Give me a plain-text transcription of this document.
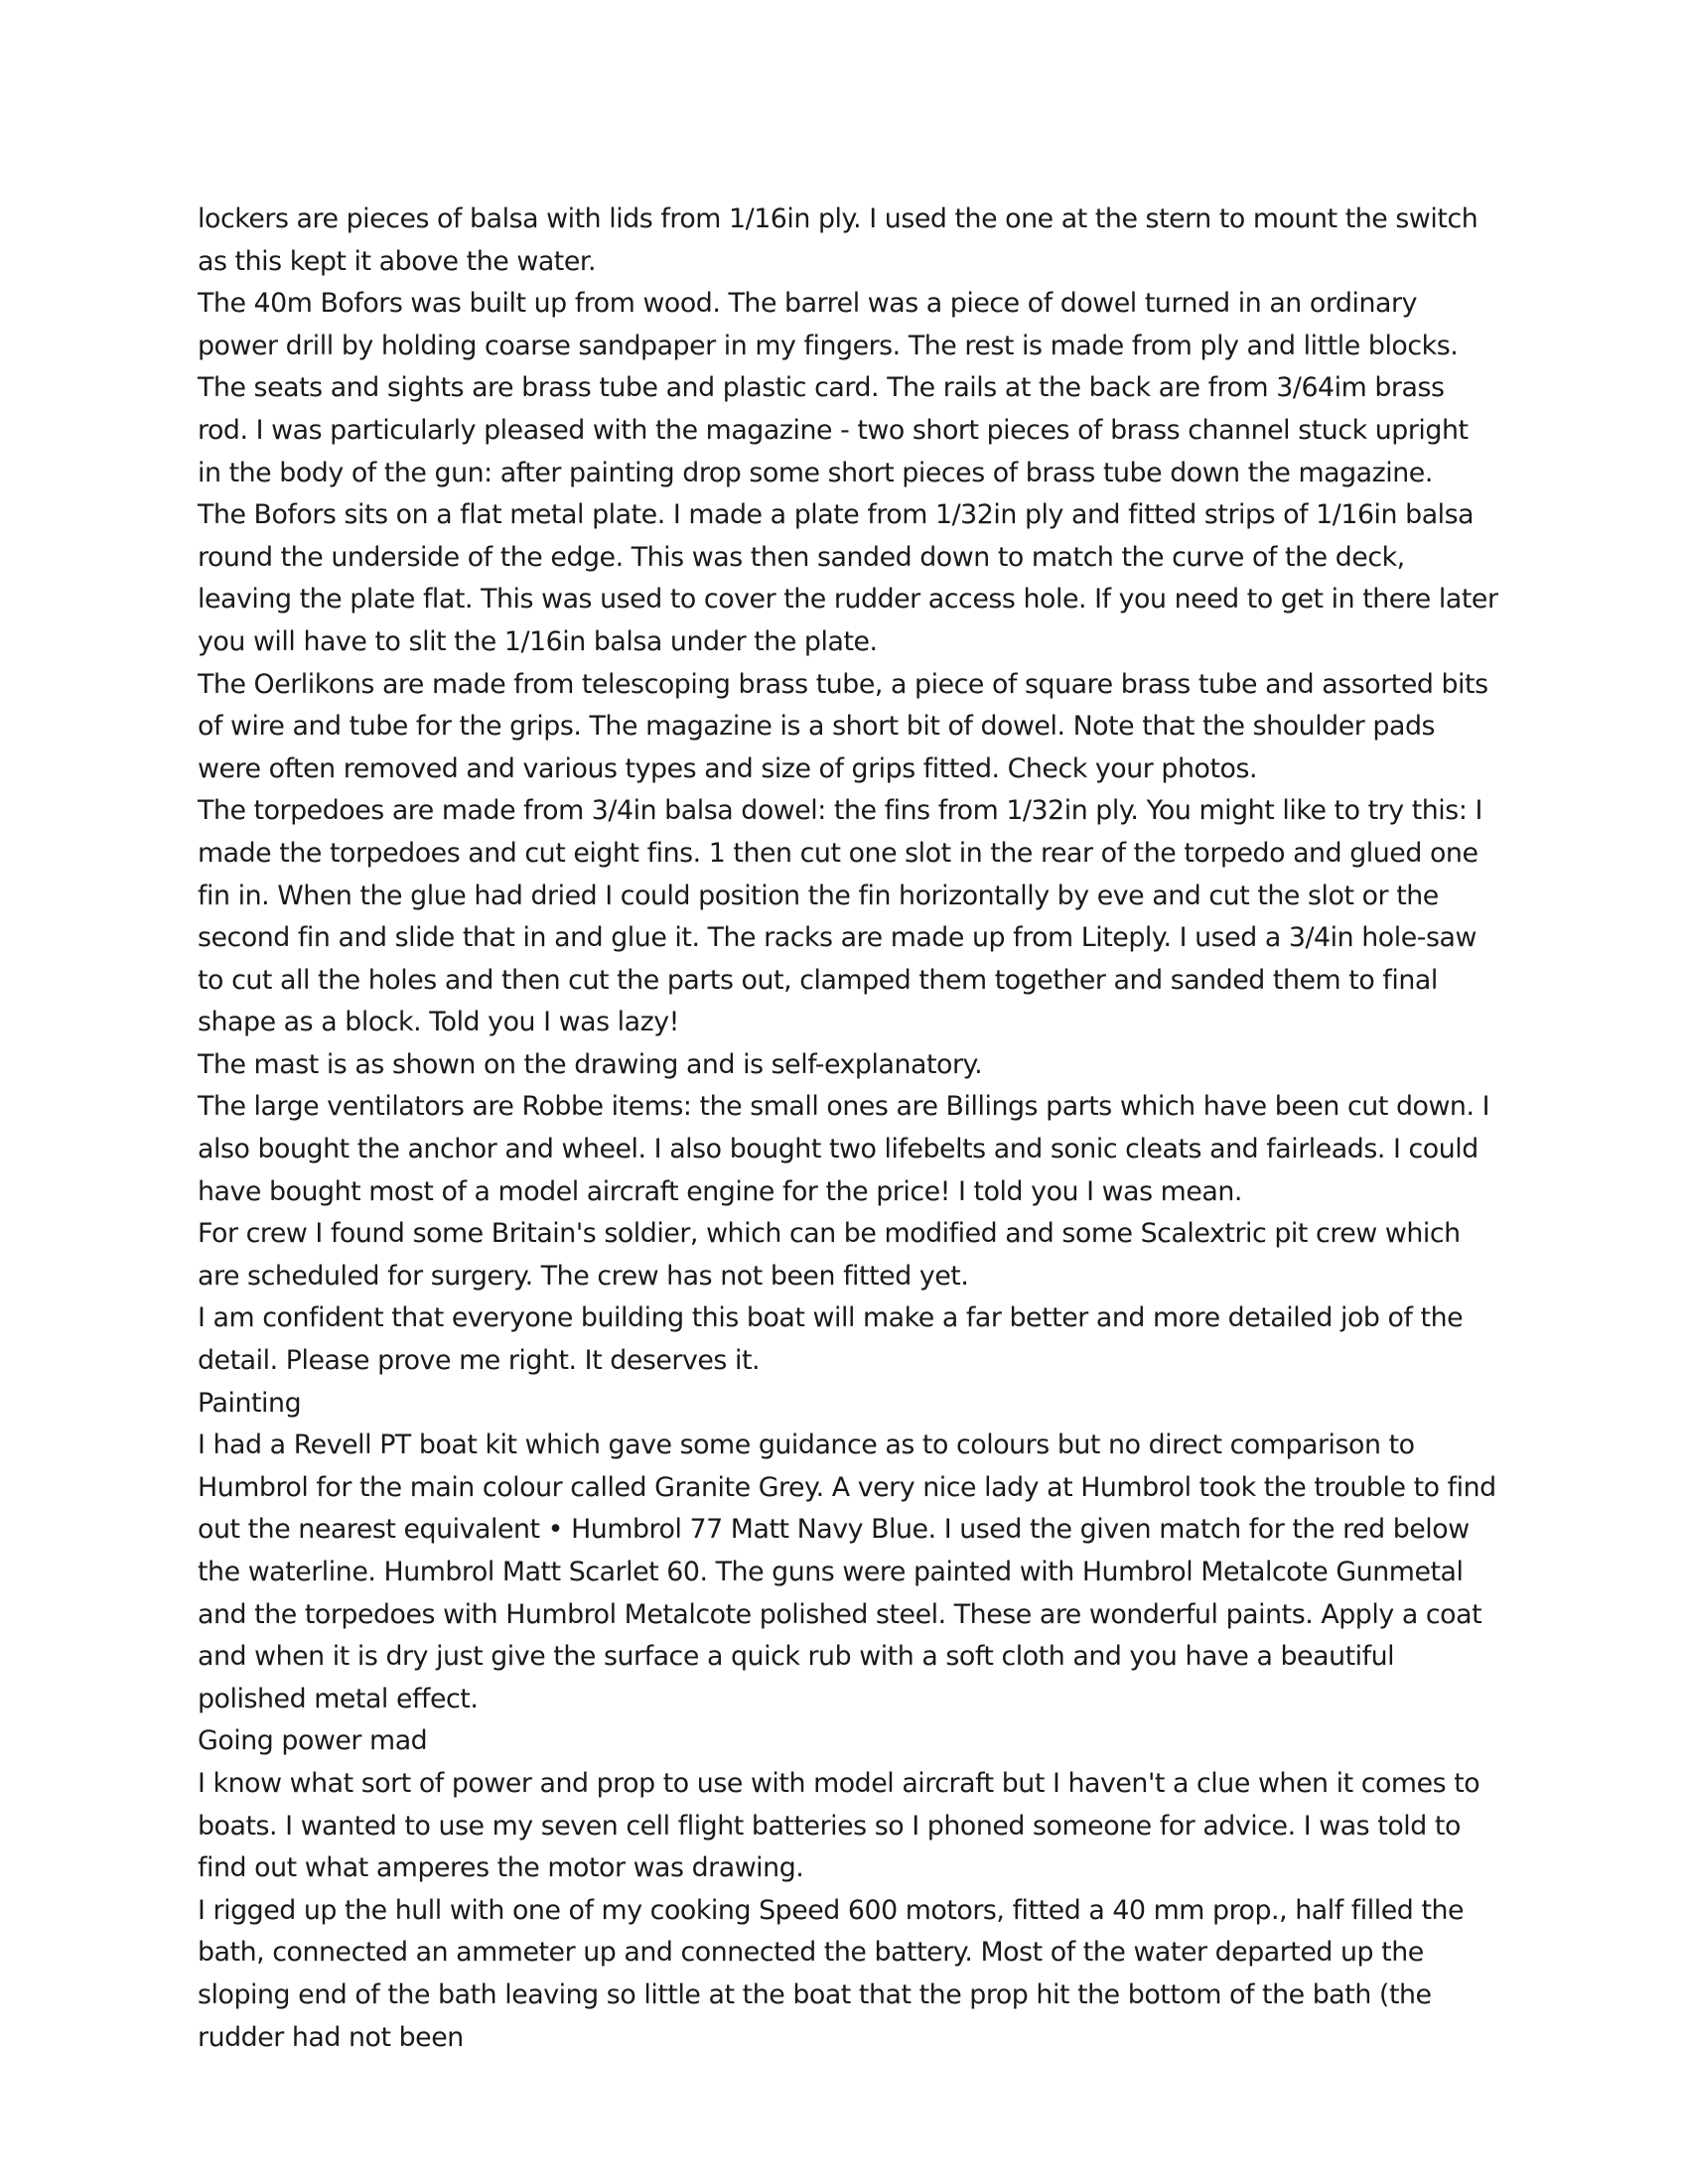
lockers are pieces of balsa with lids from 1/16in ply. I used the one at the stern to mount the switch as this kept it above the water.

The 40m Bofors was built up from wood. The barrel was a piece of dowel turned in an ordinary power drill by holding coarse sandpaper in my fingers. The rest is made from ply and little blocks.

The seats and sights are brass tube and plastic card. The rails at the back are from 3/64im brass rod. I was particularly pleased with the magazine - two short pieces of brass channel stuck upright in the body of the gun: after painting drop some short pieces of brass tube down the magazine.

The Bofors sits on a flat metal plate. I made a plate from 1/32in ply and fitted strips of 1/16in balsa round the underside of the edge. This was then sanded down to match the curve of the deck, leaving the plate flat. This was used to cover the rudder access hole. If you need to get in there later you will have to slit the 1/16in balsa under the plate.

The Oerlikons are made from telescoping brass tube, a piece of square brass tube and assorted bits of wire and tube for the grips. The magazine is a short bit of dowel. Note that the shoulder pads were often removed and various types and size of grips fitted. Check your photos.

The torpedoes are made from 3/4in balsa dowel: the fins from 1/32in ply. You might like to try this: I made the torpedoes and cut eight fins. 1 then cut one slot in the rear of the torpedo and glued one fin in. When the glue had dried I could position the fin horizontally by eve and cut the slot or the second fin and slide that in and glue it. The racks are made up from Liteply. I used a 3/4in hole-saw to cut all the holes and then cut the parts out, clamped them together and sanded them to final shape as a block. Told you I was lazy!

The mast is as shown on the drawing and is self-explanatory.

The large ventilators are Robbe items: the small ones are Billings parts which have been cut down. I also bought the anchor and wheel. I also bought two lifebelts and sonic cleats and fairleads. I could have bought most of a model aircraft engine for the price! I told you I was mean.

For crew I found some Britain's soldier, which can be modified and some Scalextric pit crew which are scheduled for surgery. The crew has not been fitted yet.

I am confident that everyone building this boat will make a far better and more detailed job of the detail. Please prove me right. It deserves it.

Painting

I had a Revell PT boat kit which gave some guidance as to colours but no direct comparison to Humbrol for the main colour called Granite Grey. A very nice lady at Humbrol took the trouble to find out the nearest equivalent • Humbrol 77 Matt Navy Blue. I used the given match for the red below the waterline. Humbrol Matt Scarlet 60. The guns were painted with Humbrol Metalcote Gunmetal and the torpedoes with Humbrol Metalcote polished steel. These are wonderful paints. Apply a coat and when it is dry just give the surface a quick rub with a soft cloth and you have a beautiful polished metal effect.

Going power mad

I know what sort of power and prop to use with model aircraft but I haven't a clue when it comes to boats. I wanted to use my seven cell flight batteries so I phoned someone for advice. I was told to find out what amperes the motor was drawing.

I rigged up the hull with one of my cooking Speed 600 motors, fitted a 40 mm prop., half filled the bath, connected an ammeter up and connected the battery. Most of the water departed up the sloping end of the bath leaving so little at the boat that the prop hit the bottom of the bath (the rudder had not been
